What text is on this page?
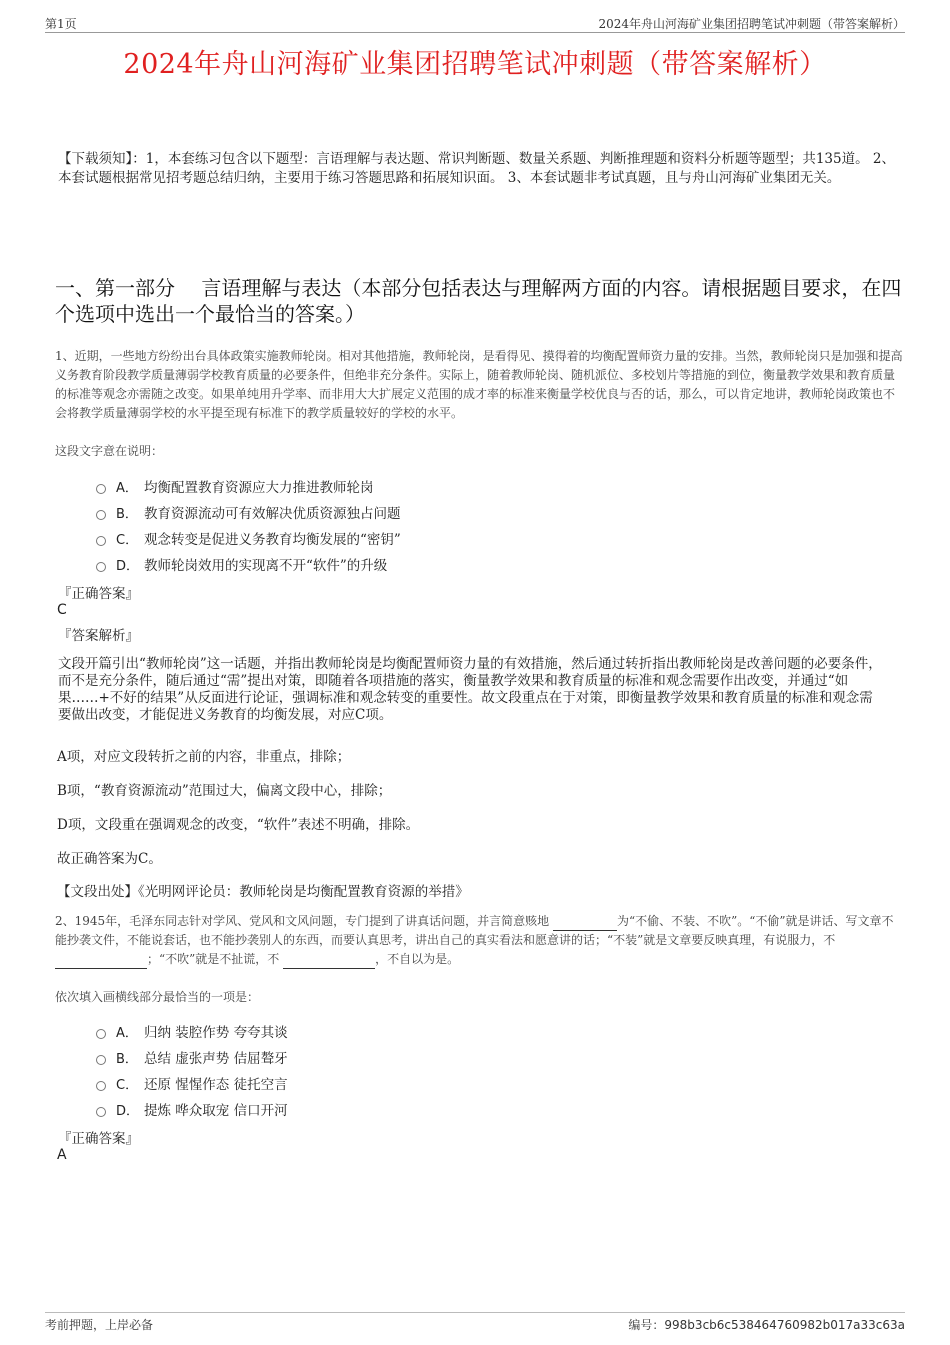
第1页	2024年舟山河海矿业集团招聘笔试冲刺题（带答案解析）
2024年舟山河海矿业集团招聘笔试冲刺题（带答案解析）

【下载须知】：1，本套练习包含以下题型：言语理解与表达题、常识判断题、数量关系题、判断推理题和资料分析题等题型；共135道。 2、本套试题根据常见招考题总结归纳，主要用于练习答题思路和拓展知识面。 3、本套试题非考试真题，且与舟山河海矿业集团无关。

一、第一部分　 言语理解与表达（本部分包括表达与理解两方面的内容。请根据题目要求，在四个选项中选出一个最恰当的答案。）

1、近期，一些地方纷纷出台具体政策实施教师轮岗。相对其他措施，教师轮岗，是看得见、摸得着的均衡配置师资力量的安排。当然，教师轮岗只是加强和提高义务教育阶段教学质量薄弱学校教育质量的必要条件，但绝非充分条件。实际上，随着教师轮岗、随机派位、多校划片等措施的到位，衡量教学效果和教育质量的标准等观念亦需随之改变。如果单纯用升学率、而非用大大扩展定义范围的成才率的标准来衡量学校优良与否的话，那么，可以肯定地讲，教师轮岗政策也不会将教学质量薄弱学校的水平提至现有标准下的教学质量较好的学校的水平。

这段文字意在说明：

A． 均衡配置教育资源应大力推进教师轮岗
B． 教育资源流动可有效解决优质资源独占问题
C． 观念转变是促进义务教育均衡发展的“密钥”
D． 教师轮岗效用的实现离不开“软件”的升级

『正确答案』

C

『答案解析』

文段开篇引出“教师轮岗”这一话题，并指出教师轮岗是均衡配置师资力量的有效措施，然后通过转折指出教师轮岗是改善问题的必要条件，而不是充分条件，随后通过“需”提出对策，即随着各项措施的落实，衡量教学效果和教育质量的标准和观念需要作出改变，并通过“如果……+不好的结果”从反面进行论证，强调标准和观念转变的重要性。故文段重点在于对策，即衡量教学效果和教育质量的标准和观念需要做出改变，才能促进义务教育的均衡发展，对应C项。

A项，对应文段转折之前的内容，非重点，排除；

B项，“教育资源流动”范围过大，偏离文段中心，排除；

D项，文段重在强调观念的改变，“软件”表述不明确，排除。

故正确答案为C。

【文段出处】《光明网评论员：教师轮岗是均衡配置教育资源的举措》

2、1945年，毛泽东同志针对学风、党风和文风问题，专门提到了讲真话问题，并言简意赅地	为“不偷、不装、不吹”。“不偷”就是讲话、写文章不能抄袭文件，不能说套话，也不能抄袭别人的东西，而要认真思考，讲出自己的真实看法和愿意讲的话；“不装”就是文章要反映真理，有说服力，不 ；“不吹”就是不扯谎，不	，不自以为是。

依次填入画横线部分最恰当的一项是：

A． 归纳 装腔作势 夸夸其谈
B． 总结 虚张声势 佶屈聱牙
C． 还原 惺惺作态 徒托空言
D． 提炼 哗众取宠 信口开河

『正确答案』

A

考前押题，上岸必备	编号：998b3cb6c538464760982b017a33c63a
